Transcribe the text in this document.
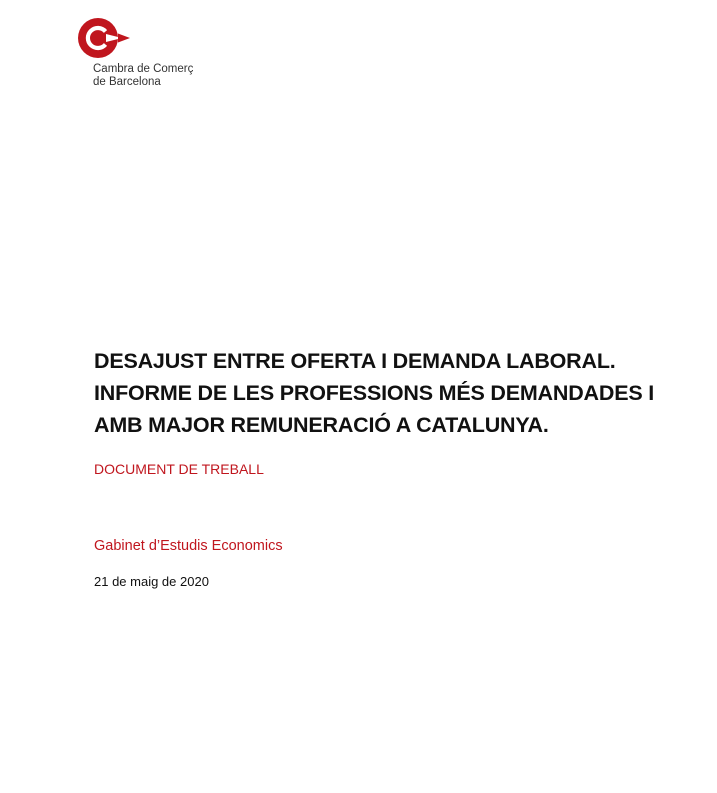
Cambra de Comerç
de Barcelona
DESAJUST ENTRE OFERTA I DEMANDA LABORAL.
INFORME DE LES PROFESSIONS MÉS DEMANDADES I
AMB MAJOR REMUNERACIÓ A CATALUNYA.
DOCUMENT DE TREBALL
Gabinet d’Estudis Economics
21 de maig de 2020
